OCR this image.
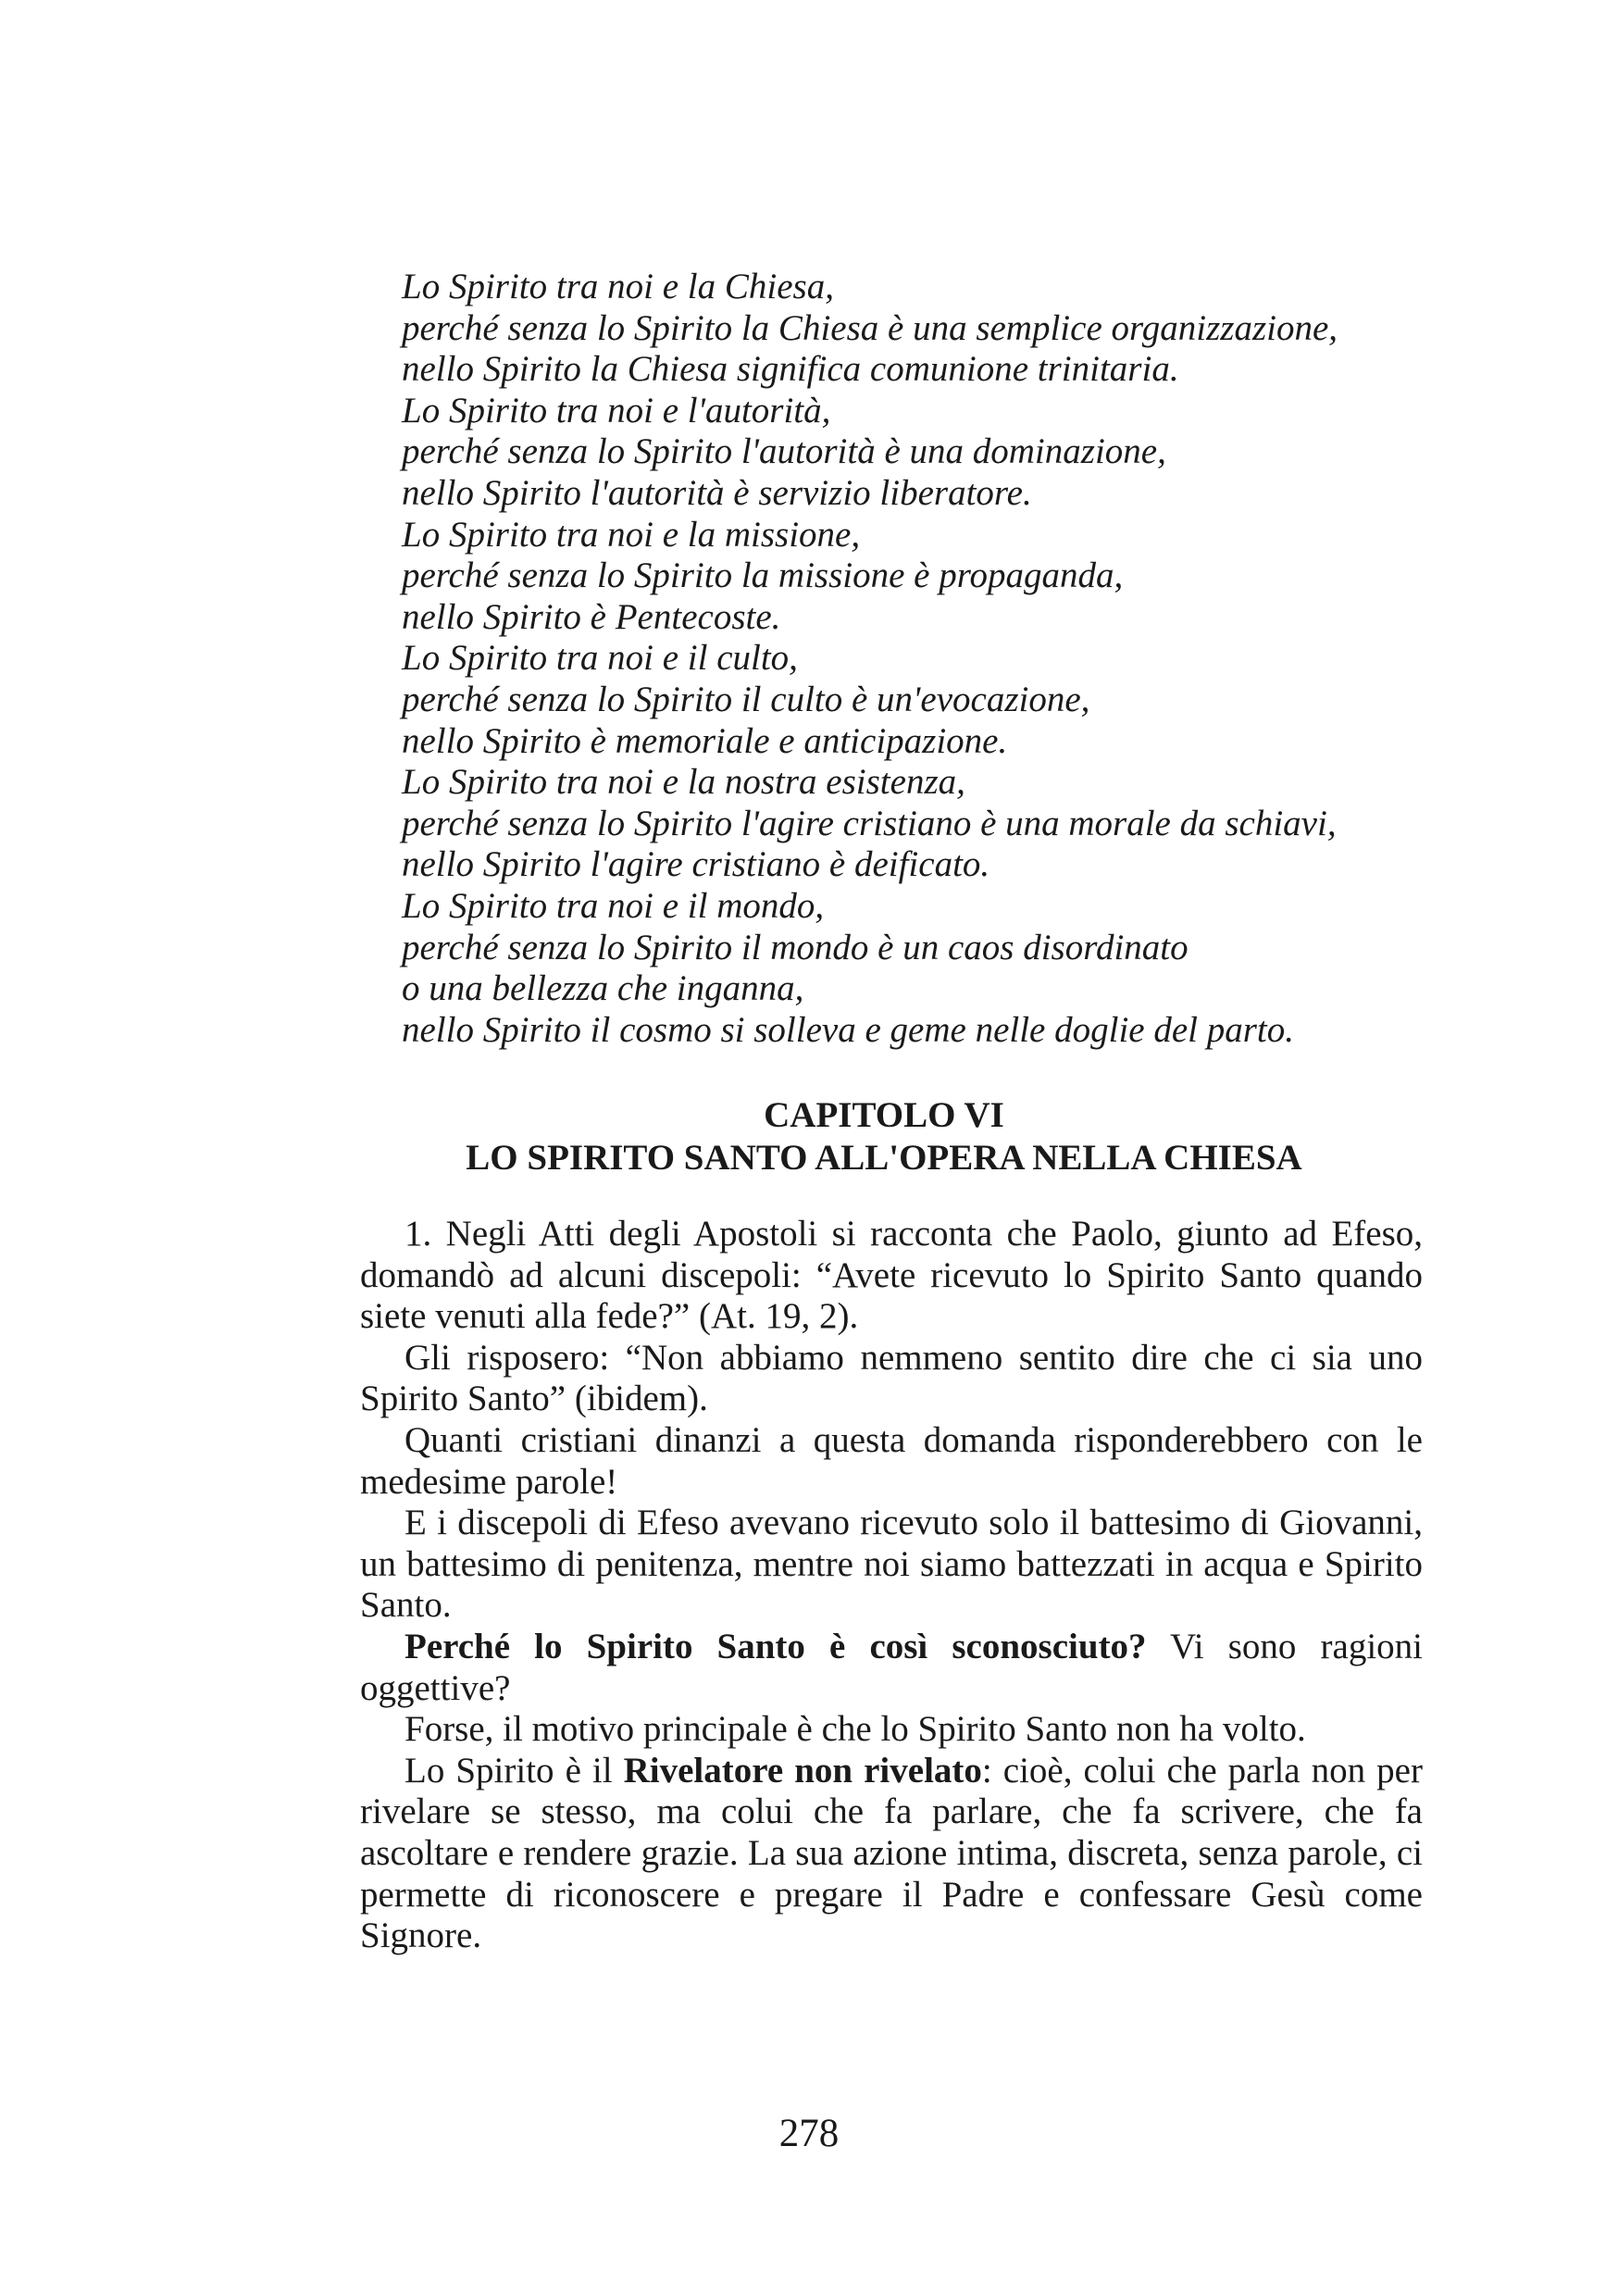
Lo Spirito tra noi e la Chiesa,
perché senza lo Spirito la Chiesa è una semplice organizzazione,
nello Spirito la Chiesa significa comunione trinitaria.
Lo Spirito tra noi e l'autorità,
perché senza lo Spirito l'autorità è una dominazione,
nello Spirito l'autorità è servizio liberatore.
Lo Spirito tra noi e la missione,
perché senza lo Spirito la missione è propaganda,
nello Spirito è Pentecoste.
Lo Spirito tra noi e il culto,
perché senza lo Spirito il culto è un'evocazione,
nello Spirito è memoriale e anticipazione.
Lo Spirito tra noi e la nostra esistenza,
perché senza lo Spirito l'agire cristiano è una morale da schiavi,
nello Spirito l'agire cristiano è deificato.
Lo Spirito tra noi e il mondo,
perché senza lo Spirito il mondo è un caos disordinato
o una bellezza che inganna,
nello Spirito il cosmo si solleva e geme nelle doglie del parto.
CAPITOLO VI
LO SPIRITO SANTO ALL'OPERA NELLA CHIESA

1. Negli Atti degli Apostoli si racconta che Paolo, giunto ad Efeso, domandò ad alcuni discepoli: “Avete ricevuto lo Spirito Santo quando siete venuti alla fede?” (At. 19, 2).

Gli risposero: “Non abbiamo nemmeno sentito dire che ci sia uno Spirito Santo” (ibidem).

Quanti cristiani dinanzi a questa domanda risponderebbero con le medesime parole!

E i discepoli di Efeso avevano ricevuto solo il battesimo di Giovanni, un battesimo di penitenza, mentre noi siamo battezzati in acqua e Spirito Santo.

Perché lo Spirito Santo è così sconosciuto? Vi sono ragioni oggettive?

Forse, il motivo principale è che lo Spirito Santo non ha volto.

Lo Spirito è il Rivelatore non rivelato: cioè, colui che parla non per rivelare se stesso, ma colui che fa parlare, che fa scrivere, che fa ascoltare e rendere grazie. La sua azione intima, discreta, senza parole, ci permette di riconoscere e pregare il Padre e confessare Gesù come Signore.

278
